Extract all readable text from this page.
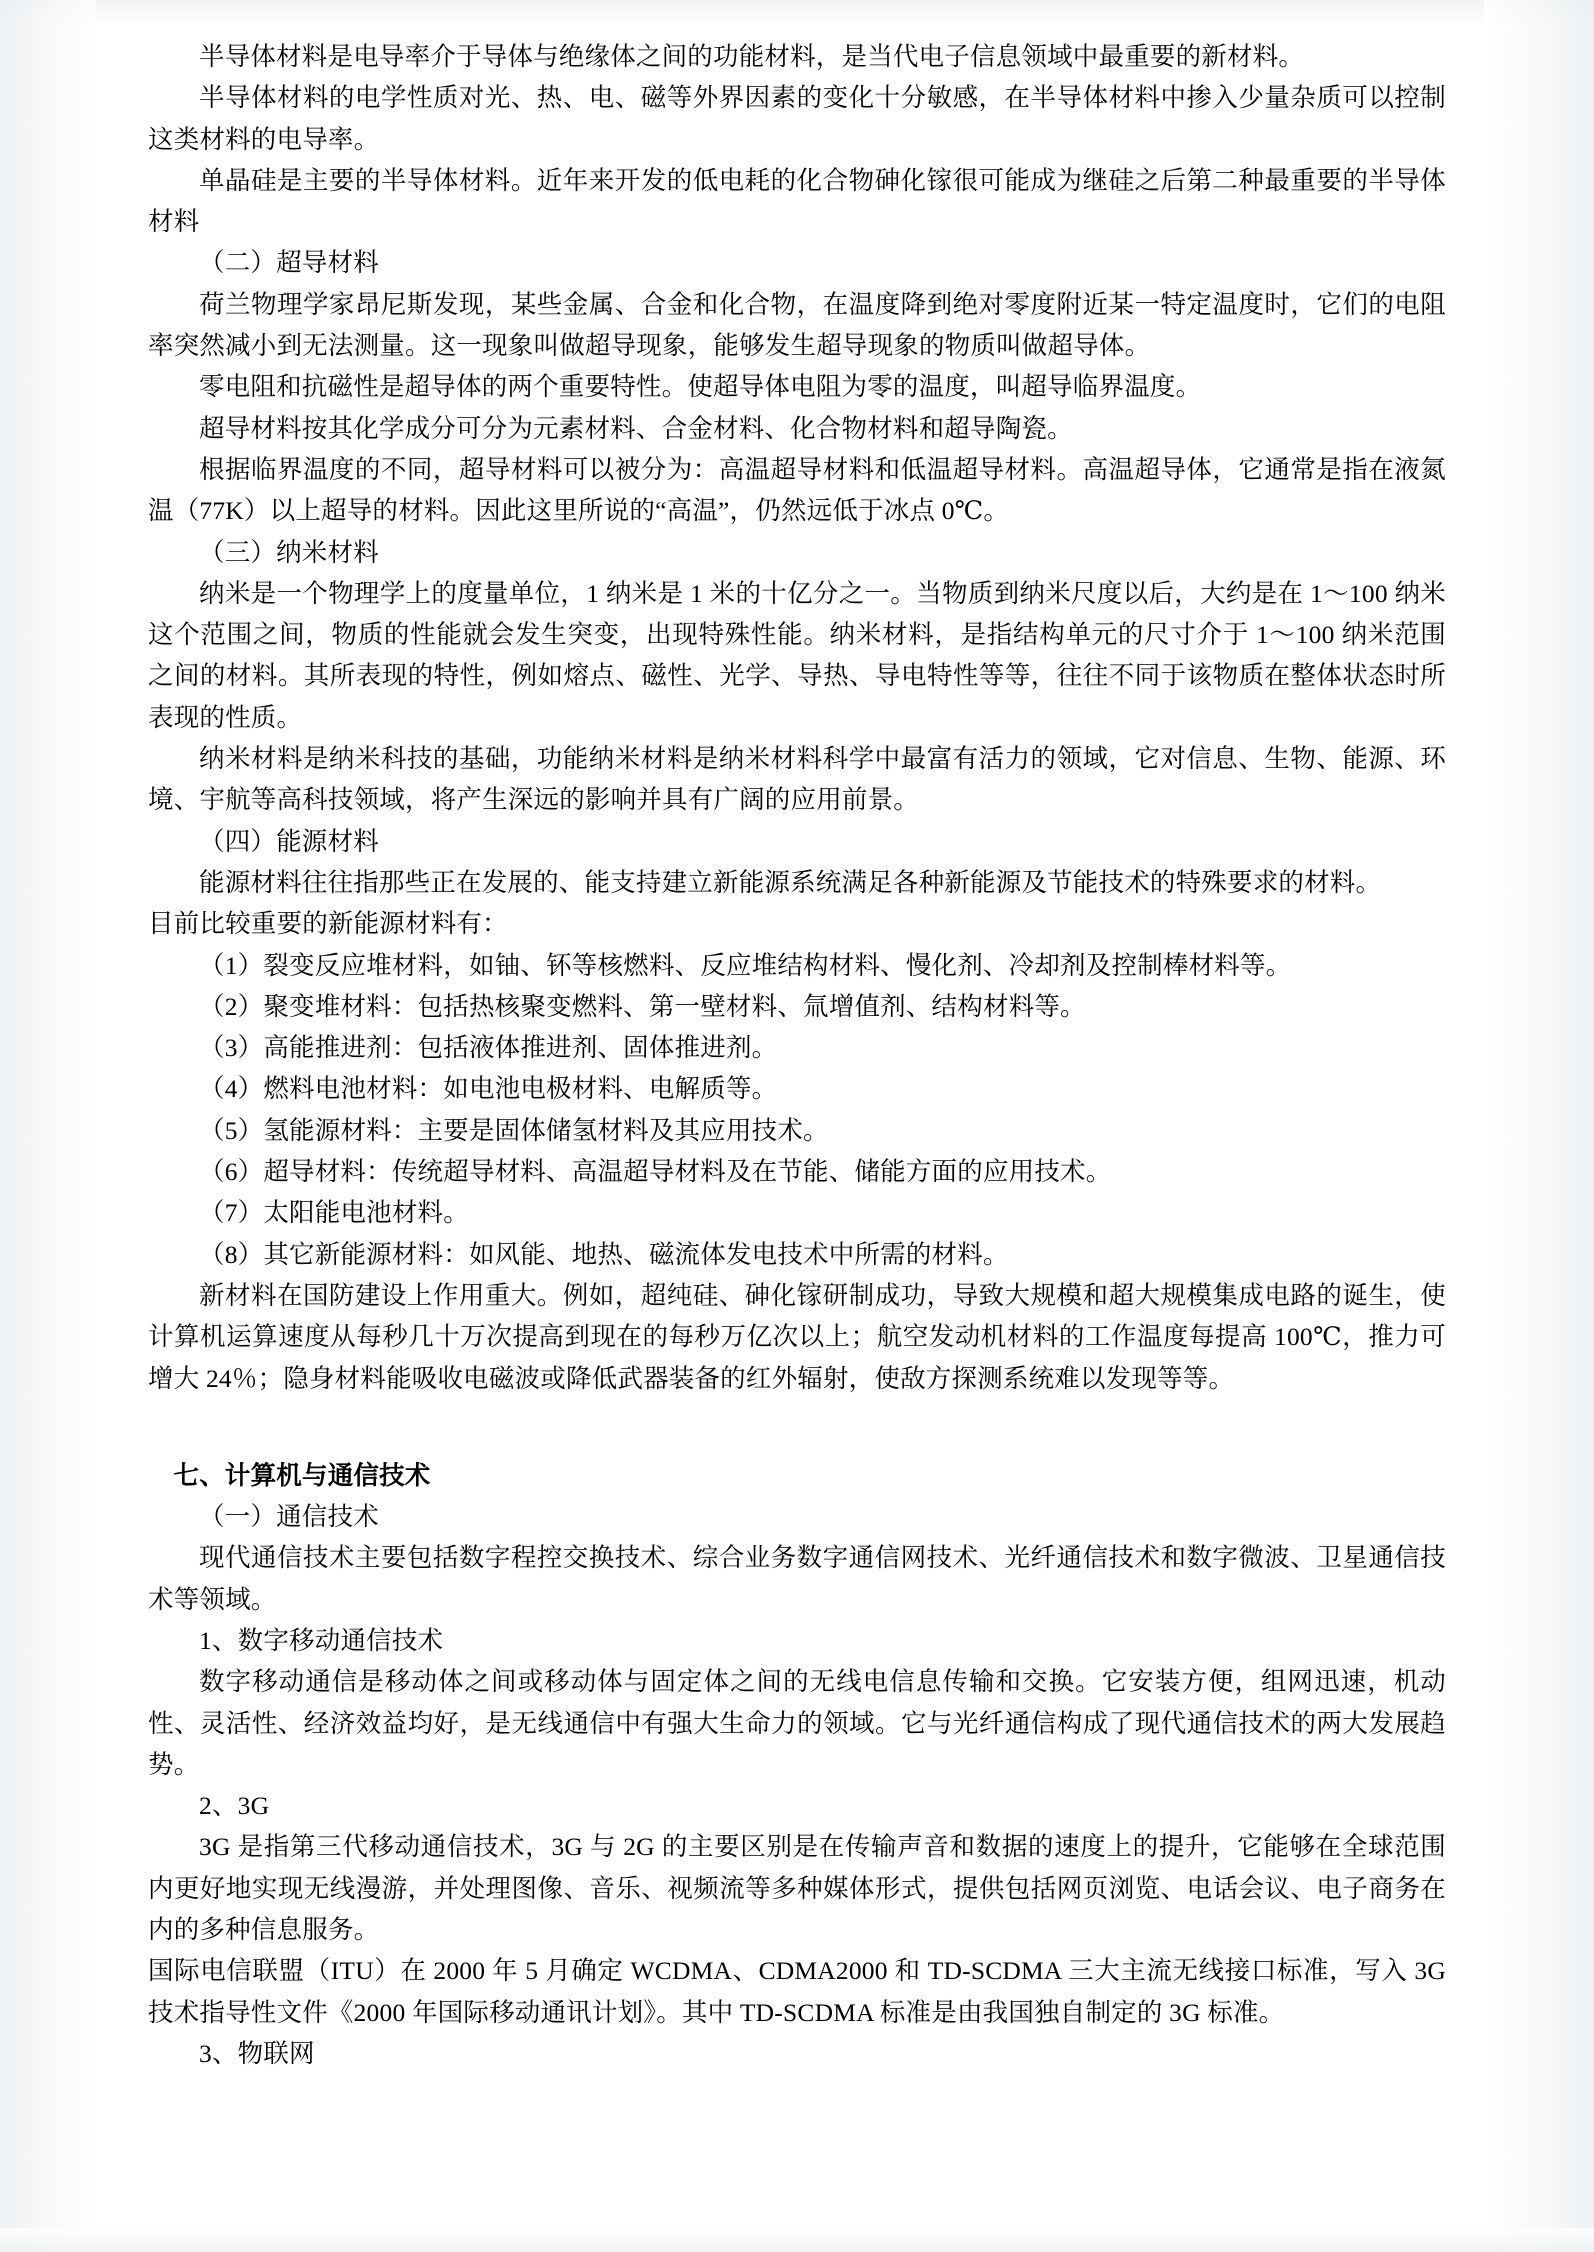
半导体材料是电导率介于导体与绝缘体之间的功能材料，是当代电子信息领域中最重要的新材料。

半导体材料的电学性质对光、热、电、磁等外界因素的变化十分敏感，在半导体材料中掺入少量杂质可以控制这类材料的电导率。

单晶硅是主要的半导体材料。近年来开发的低电耗的化合物砷化镓很可能成为继硅之后第二种最重要的半导体材料

（二）超导材料

荷兰物理学家昂尼斯发现，某些金属、合金和化合物，在温度降到绝对零度附近某一特定温度时，它们的电阻率突然减小到无法测量。这一现象叫做超导现象，能够发生超导现象的物质叫做超导体。

零电阻和抗磁性是超导体的两个重要特性。使超导体电阻为零的温度，叫超导临界温度。

超导材料按其化学成分可分为元素材料、合金材料、化合物材料和超导陶瓷。

根据临界温度的不同，超导材料可以被分为：高温超导材料和低温超导材料。高温超导体，它通常是指在液氮温（77K）以上超导的材料。因此这里所说的“高温”，仍然远低于冰点 0℃。

（三）纳米材料

纳米是一个物理学上的度量单位，1 纳米是 1 米的十亿分之一。当物质到纳米尺度以后，大约是在 1～100 纳米这个范围之间，物质的性能就会发生突变，出现特殊性能。纳米材料，是指结构单元的尺寸介于 1～100 纳米范围之间的材料。其所表现的特性，例如熔点、磁性、光学、导热、导电特性等等，往往不同于该物质在整体状态时所表现的性质。

纳米材料是纳米科技的基础，功能纳米材料是纳米材料科学中最富有活力的领域，它对信息、生物、能源、环境、宇航等高科技领域，将产生深远的影响并具有广阔的应用前景。

（四）能源材料

能源材料往往指那些正在发展的、能支持建立新能源系统满足各种新能源及节能技术的特殊要求的材料。

目前比较重要的新能源材料有：

（1）裂变反应堆材料，如铀、钚等核燃料、反应堆结构材料、慢化剂、冷却剂及控制棒材料等。

（2）聚变堆材料：包括热核聚变燃料、第一壁材料、氚增值剂、结构材料等。

（3）高能推进剂：包括液体推进剂、固体推进剂。

（4）燃料电池材料：如电池电极材料、电解质等。

（5）氢能源材料：主要是固体储氢材料及其应用技术。

（6）超导材料：传统超导材料、高温超导材料及在节能、储能方面的应用技术。

（7）太阳能电池材料。

（8）其它新能源材料：如风能、地热、磁流体发电技术中所需的材料。

新材料在国防建设上作用重大。例如，超纯硅、砷化镓研制成功，导致大规模和超大规模集成电路的诞生，使计算机运算速度从每秒几十万次提高到现在的每秒万亿次以上；航空发动机材料的工作温度每提高 100℃，推力可增大 24％；隐身材料能吸收电磁波或降低武器装备的红外辐射，使敌方探测系统难以发现等等。

七、计算机与通信技术

（一）通信技术

现代通信技术主要包括数字程控交换技术、综合业务数字通信网技术、光纤通信技术和数字微波、卫星通信技术等领域。

1、数字移动通信技术

数字移动通信是移动体之间或移动体与固定体之间的无线电信息传输和交换。它安装方便，组网迅速，机动性、灵活性、经济效益均好，是无线通信中有强大生命力的领域。它与光纤通信构成了现代通信技术的两大发展趋势。

2、3G

3G 是指第三代移动通信技术，3G 与 2G 的主要区别是在传输声音和数据的速度上的提升，它能够在全球范围内更好地实现无线漫游，并处理图像、音乐、视频流等多种媒体形式，提供包括网页浏览、电话会议、电子商务在内的多种信息服务。

国际电信联盟（ITU）在 2000 年 5 月确定 WCDMA、CDMA2000 和 TD-SCDMA 三大主流无线接口标准，写入 3G 技术指导性文件《2000 年国际移动通讯计划》。其中 TD-SCDMA 标准是由我国独自制定的 3G 标准。

3、物联网
